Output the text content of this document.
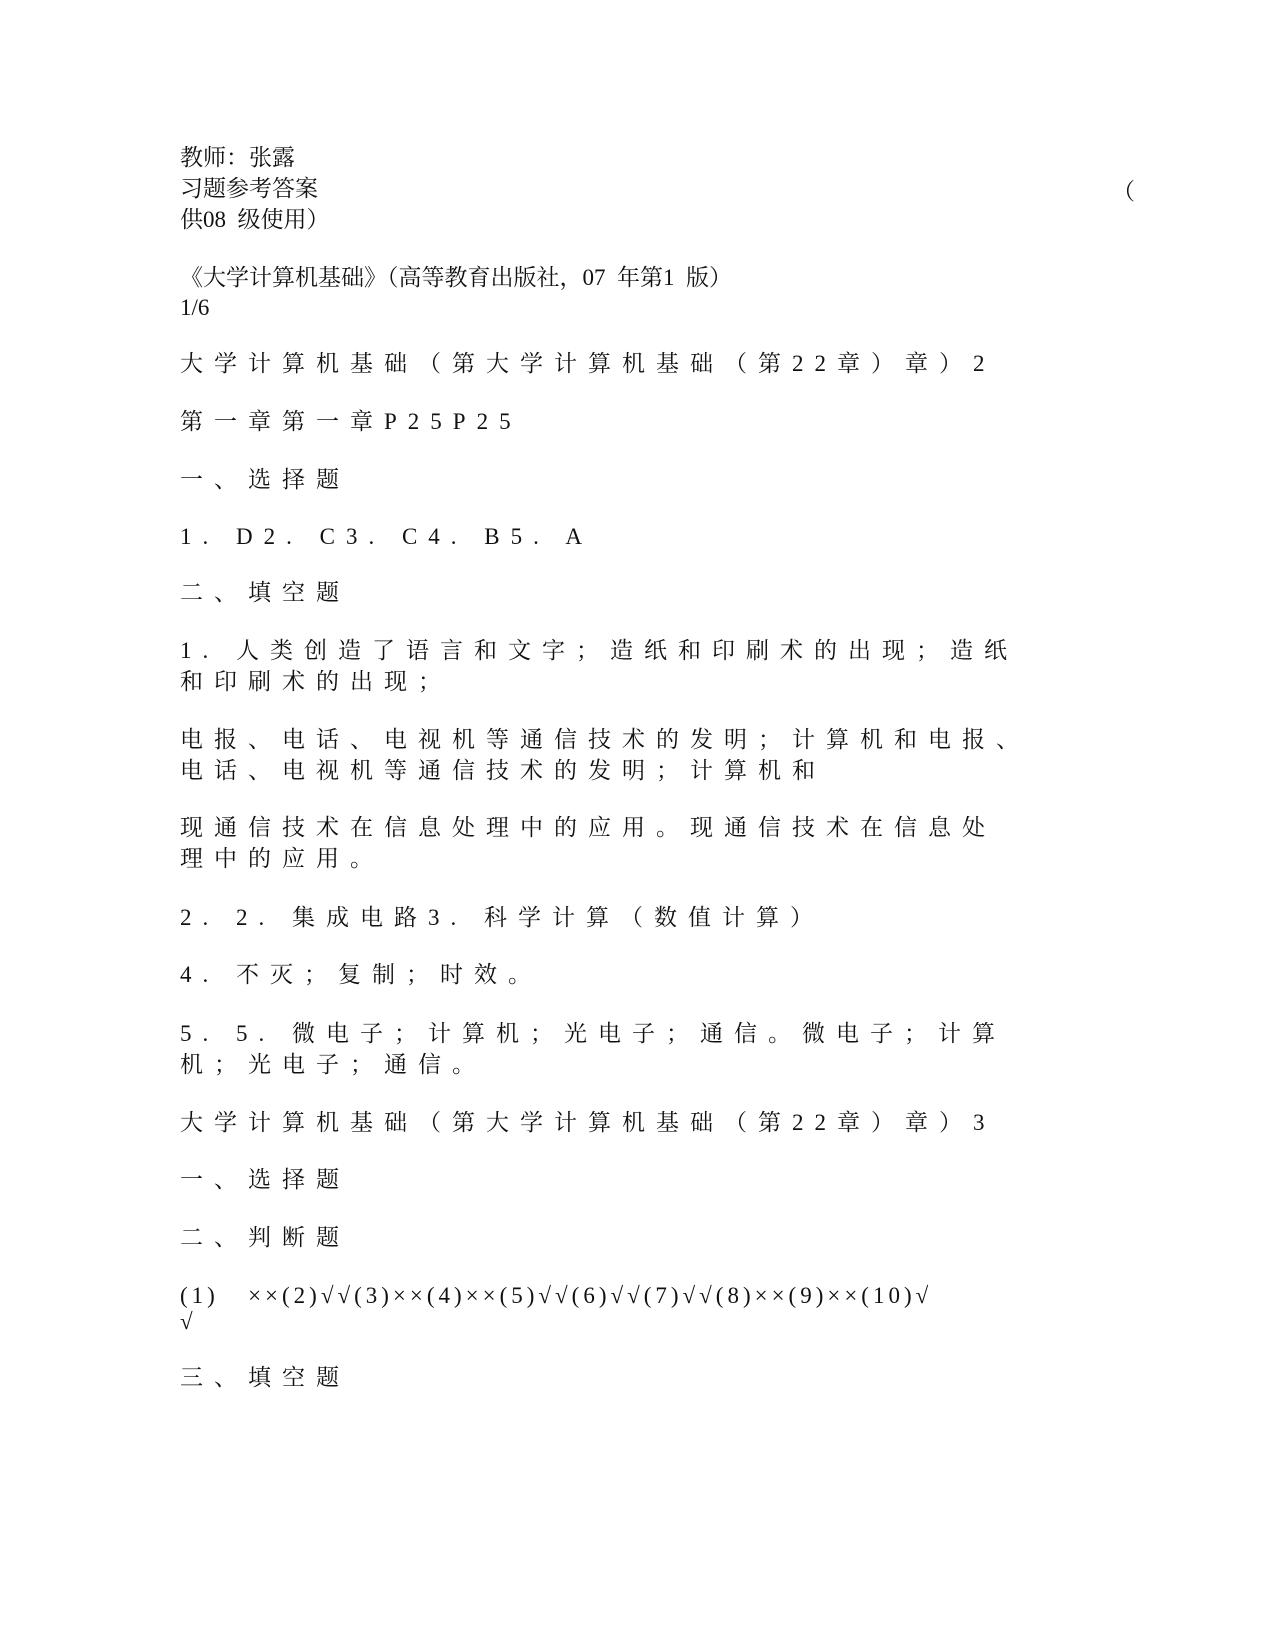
教师：张露
习题参考答案	（
供08  级使用）
《大学计算机基础》（高等教育出版社，07  年第1  版）
1/6
大学计算机基础（第大学计算机基础（第22章）章）2
第一章第一章P25P25
一、选择题
1. D2. C3. C4. B5. A
二、填空题
1. 人类创造了语言和文字；造纸和印刷术的出现；造纸
和印刷术的出现；
电报、电话、电视机等通信技术的发明；计算机和电报、
电话、电视机等通信技术的发明；计算机和
现通信技术在信息处理中的应用。现通信技术在信息处
理中的应用。
2. 2. 集成电路3. 科学计算（数值计算）
4. 不灭；复制；时效。
5. 5. 微电子；计算机；光电子；通信。微电子；计算
机；光电子；通信。
大学计算机基础（第大学计算机基础（第22章）章）3
一、选择题
二、判断题
(1)   ××(2)√√(3)××(4)××(5)√√(6)√√(7)√√(8)××(9)××(10)√
√
三、填空题
